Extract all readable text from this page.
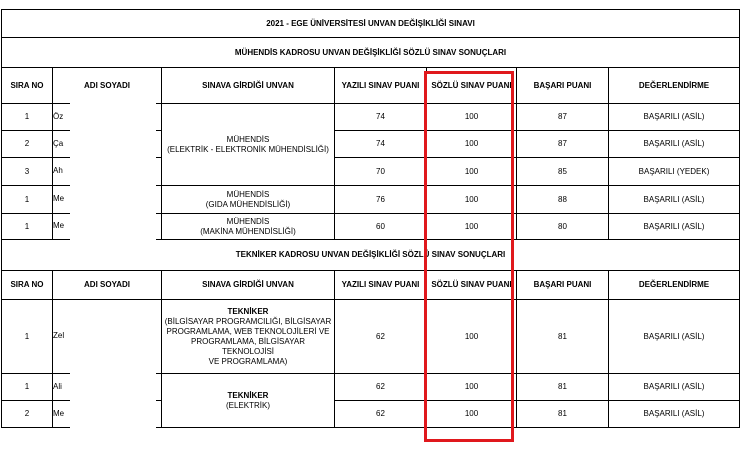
2021 - EGE ÜNİVERSİTESİ UNVAN DEĞİŞİKLİĞİ SINAVI						
MÜHENDİS KADROSU UNVAN DEĞİŞİKLİĞİ SÖZLÜ SINAV SONUÇLARI						
SIRA NO	ADI SOYADI	SINAVA GİRDİĞİ UNVAN	YAZILI SINAV PUANI	SÖZLÜ SINAV PUANI	BAŞARI PUANI	DEĞERLENDİRME
1	Öz	MÜHENDİS
(ELEKTRİK - ELEKTRONİK MÜHENDİSLİĞİ)	74	100	87	BAŞARILI (ASİL)
2	Ça		74	100	87	BAŞARILI (ASİL)
3	Ah		70	100	85	BAŞARILI (YEDEK)
1	Me	MÜHENDİS
(GIDA MÜHENDİSLİĞİ)	76	100	88	BAŞARILI (ASİL)
1	Me	MÜHENDİS
(MAKİNA MÜHENDİSLİĞİ)	60	100	80	BAŞARILI (ASİL)
TEKNİKER KADROSU UNVAN DEĞİŞİKLİĞİ SÖZLÜ SINAV SONUÇLARI						
SIRA NO	ADI SOYADI	SINAVA GİRDİĞİ UNVAN	YAZILI SINAV PUANI	SÖZLÜ SINAV PUANI	BAŞARI PUANI	DEĞERLENDİRME
1	Zel	TEKNİKER
(BİLGİSAYAR PROGRAMCILIĞI, BİLGİSAYAR
PROGRAMLAMA, WEB TEKNOLOJİLERİ VE
PROGRAMLAMA, BİLGİSAYAR TEKNOLOJİSİ
VE PROGRAMLAMA)	62	100	81	BAŞARILI (ASİL)
1	Ali	TEKNİKER
(ELEKTRİK)	62	100	81	BAŞARILI (ASİL)
2	Me		62	100	81	BAŞARILI (ASİL)
